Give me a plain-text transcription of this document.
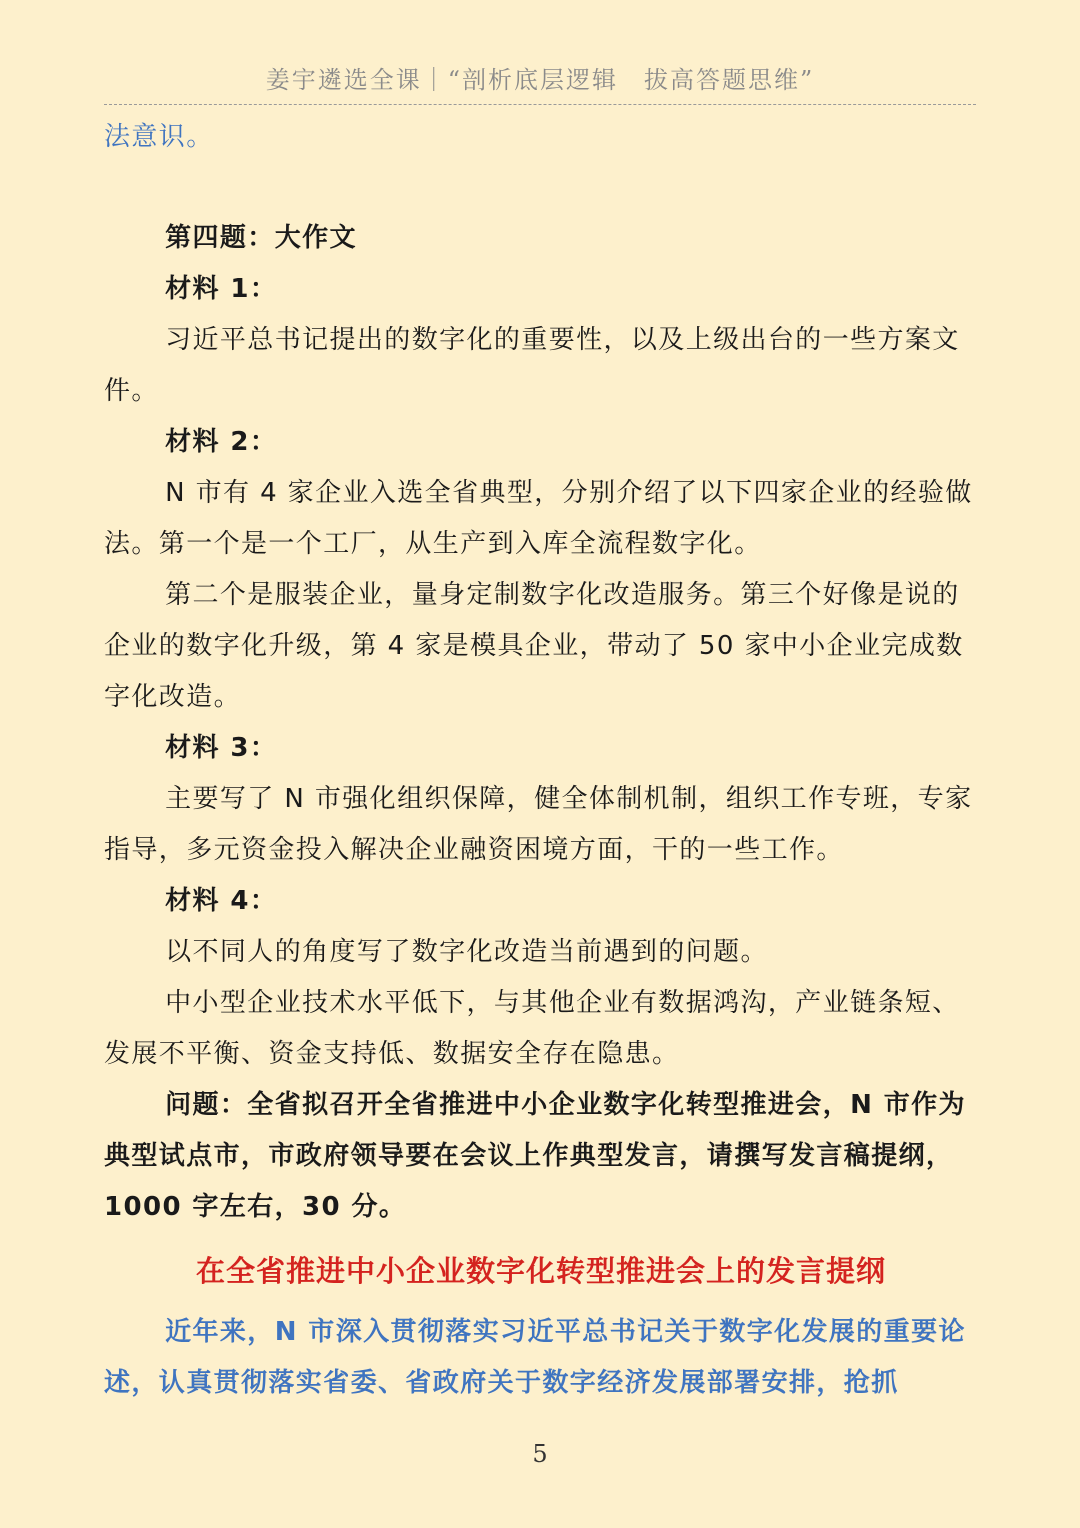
姜宇遴选全课｜“剖析底层逻辑　拔高答题思维”

法意识。

第四题：大作文

材料 1：

习近平总书记提出的数字化的重要性，以及上级出台的一些方案文件。

材料 2：

N 市有 4 家企业入选全省典型，分别介绍了以下四家企业的经验做法。第一个是一个工厂，从生产到入库全流程数字化。

第二个是服装企业，量身定制数字化改造服务。第三个好像是说的企业的数字化升级，第 4 家是模具企业，带动了 50 家中小企业完成数字化改造。

材料 3：

主要写了 N 市强化组织保障，健全体制机制，组织工作专班，专家指导，多元资金投入解决企业融资困境方面，干的一些工作。

材料 4：

以不同人的角度写了数字化改造当前遇到的问题。

中小型企业技术水平低下，与其他企业有数据鸿沟，产业链条短、发展不平衡、资金支持低、数据安全存在隐患。

问题：全省拟召开全省推进中小企业数字化转型推进会，N 市作为典型试点市，市政府领导要在会议上作典型发言，请撰写发言稿提纲，1000 字左右，30 分。

在全省推进中小企业数字化转型推进会上的发言提纲

近年来，N 市深入贯彻落实习近平总书记关于数字化发展的重要论述，认真贯彻落实省委、省政府关于数字经济发展部署安排，抢抓

5
